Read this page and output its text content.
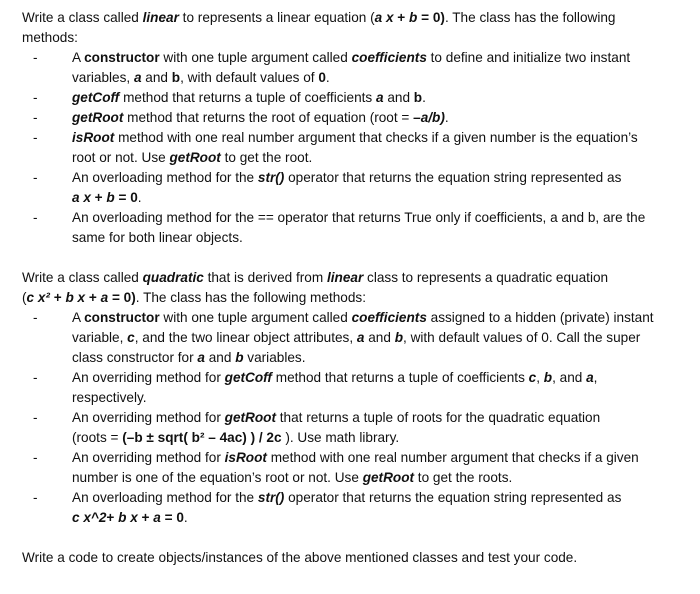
Write a class called linear to represents a linear equation (a x + b = 0). The class has the following
methods:
- A constructor with one tuple argument called coefficients to define and initialize two instant
variables, a and b, with default values of 0.
- getCoff method that returns a tuple of coefficients a and b.
- getRoot method that returns the root of equation (root = –a/b).
- isRoot method with one real number argument that checks if a given number is the equation’s
root or not. Use getRoot to get the root.
- An overloading method for the str() operator that returns the equation string represented as
a x + b = 0.
- An overloading method for the == operator that returns True only if coefficients, a and b, are the
same for both linear objects.
Write a class called quadratic that is derived from linear class to represents a quadratic equation
(c x² + b x + a = 0). The class has the following methods:
- A constructor with one tuple argument called coefficients assigned to a hidden (private) instant
variable, c, and the two linear object attributes, a and b, with default values of 0. Call the super
class constructor for a and b variables.
- An overriding method for getCoff method that returns a tuple of coefficients c, b, and a,
respectively.
- An overriding method for getRoot that returns a tuple of roots for the quadratic equation
(roots = (–b ± sqrt( b² – 4ac) ) / 2c ). Use math library.
- An overriding method for isRoot method with one real number argument that checks if a given
number is one of the equation’s root or not. Use getRoot to get the roots.
- An overloading method for the str() operator that returns the equation string represented as
c x^2+ b x + a = 0.

Write a code to create objects/instances of the above mentioned classes and test your code.
